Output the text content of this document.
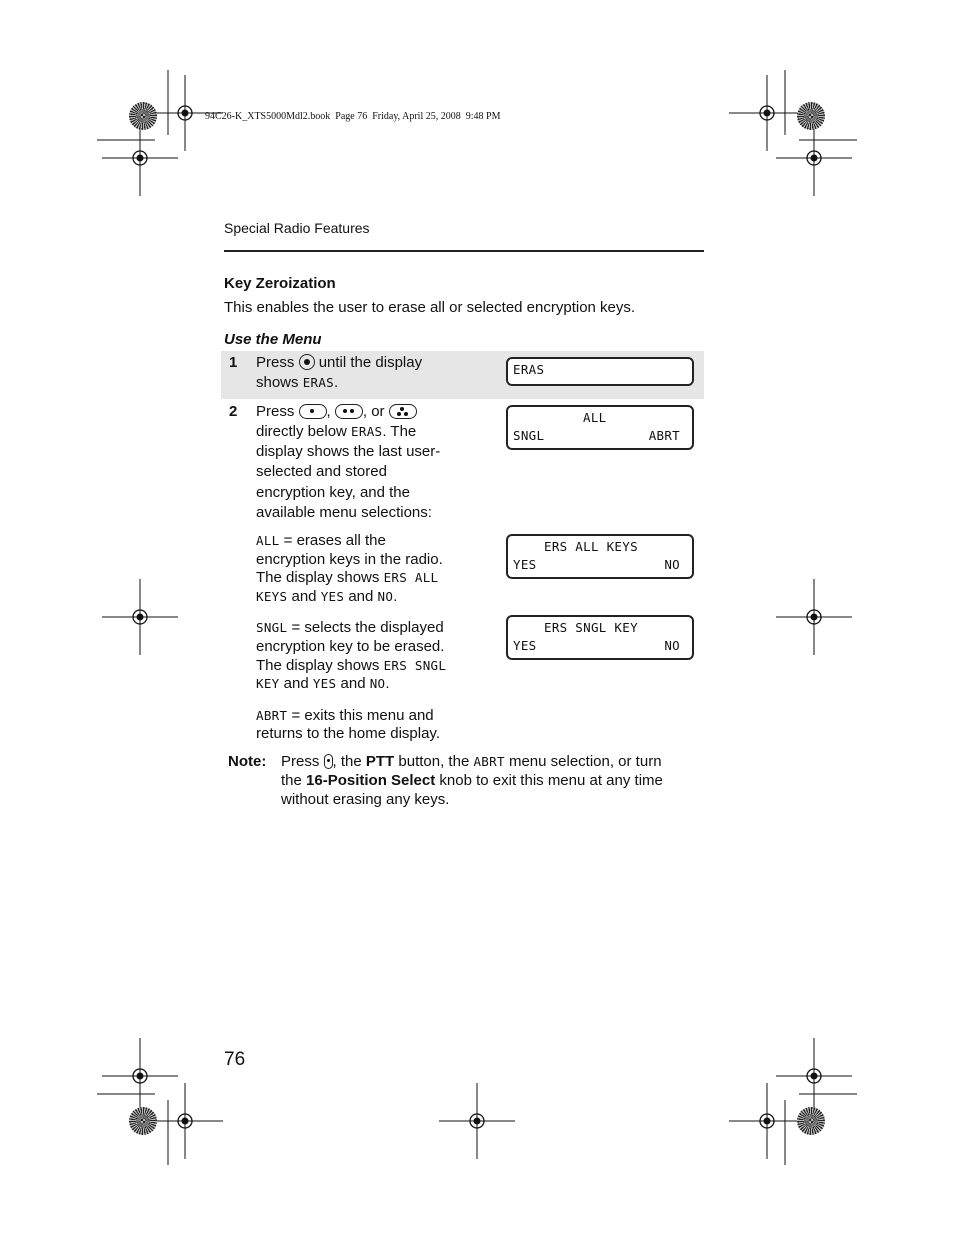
94C26-K_XTS5000Mdl2.book  Page 76  Friday, April 25, 2008  9:48 PM
Special Radio Features
Key Zeroization
This enables the user to erase all or selected encryption keys.
Use the Menu
1 Press until the display
shows ERAS.
ERAS
2 Press , , or
directly below ERAS. The
display shows the last user-
selected and stored
encryption key, and the
available menu selections:
ALL
SNGL	ABRT
ALL = erases all the
encryption keys in the radio.
The display shows ERS ALL
KEYS and YES and NO.
ERS ALL KEYS
YES	NO
SNGL = selects the displayed
encryption key to be erased.
The display shows ERS SNGL
KEY and YES and NO.
ERS SNGL KEY
YES	NO
ABRT = exits this menu and
returns to the home display.
Note: Press , the PTT button, the ABRT menu selection, or turn
the 16-Position Select knob to exit this menu at any time
without erasing any keys.
76
